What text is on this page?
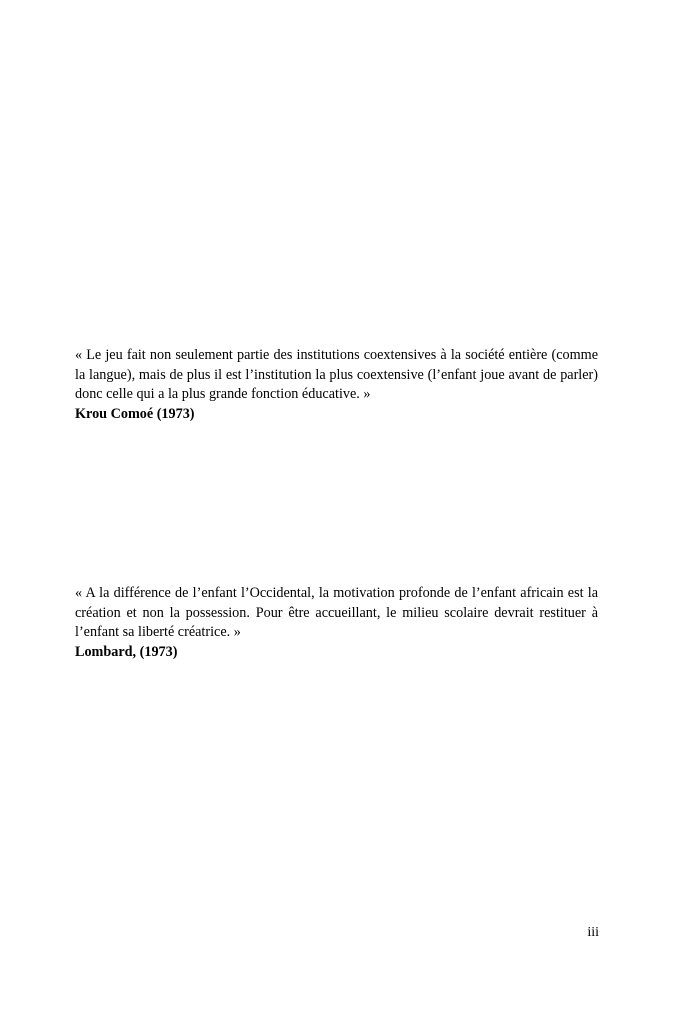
« Le jeu fait non seulement partie des institutions coextensives à la société entière (comme la langue), mais de plus il est l’institution la plus coextensive (l’enfant joue avant de parler) donc celle qui a la plus grande fonction éducative. »

Krou Comoé (1973)

« A la différence de l’enfant l’Occidental, la motivation profonde de l’enfant africain est la création et non la possession. Pour être accueillant, le milieu scolaire devrait restituer à l’enfant sa liberté créatrice. »

Lombard, (1973)

iii
